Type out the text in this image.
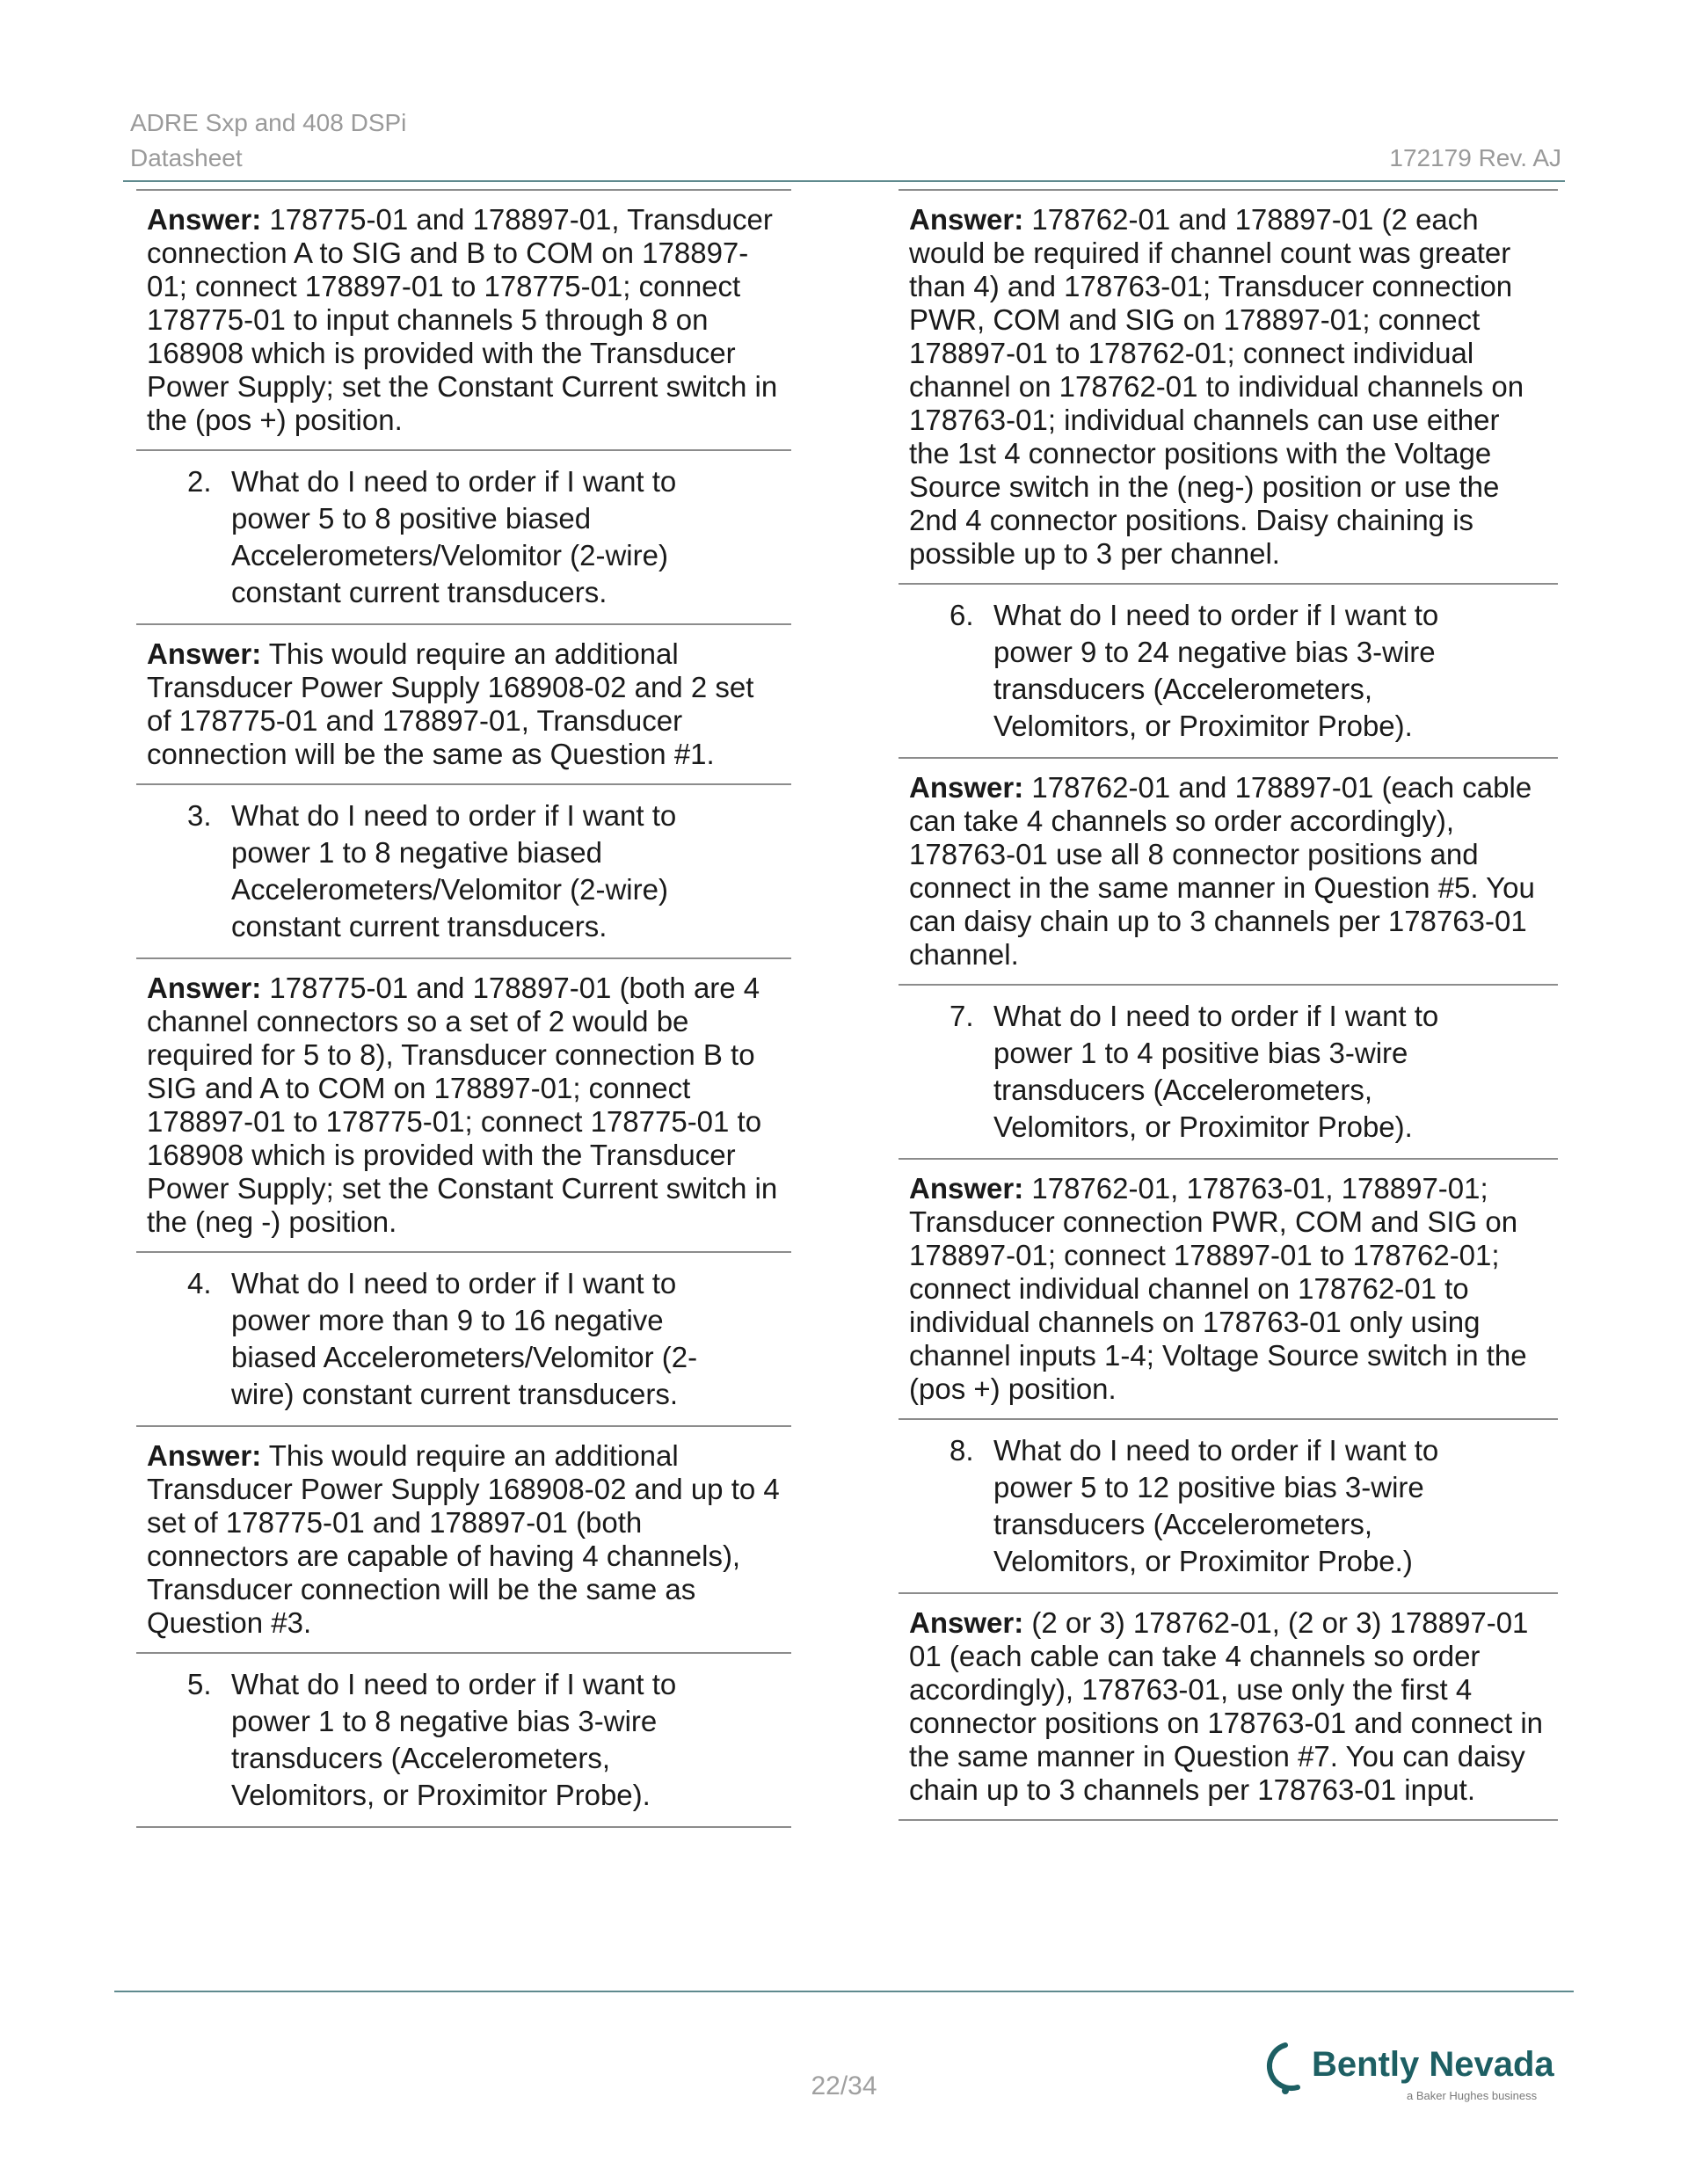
ADRE Sxp and 408 DSPi
Datasheet	172179 Rev. AJ
Answer: 178775-01 and 178897-01, Transducer connection A to SIG and B to COM on 178897-01; connect 178897-01 to 178775-01; connect 178775-01 to input channels 5 through 8 on 168908 which is provided with the Transducer Power Supply; set the Constant Current switch in the (pos +) position.
2. What do I need to order if I want to power 5 to 8 positive biased Accelerometers/Velomitor (2-wire) constant current transducers.
Answer: This would require an additional Transducer Power Supply 168908-02 and 2 set of 178775-01 and 178897-01, Transducer connection will be the same as Question #1.
3. What do I need to order if I want to power 1 to 8 negative biased Accelerometers/Velomitor (2-wire) constant current transducers.
Answer: 178775-01 and 178897-01 (both are 4 channel connectors so a set of 2 would be required for 5 to 8), Transducer connection B to SIG and A to COM on 178897-01; connect 178897-01 to 178775-01; connect 178775-01 to 168908 which is provided with the Transducer Power Supply; set the Constant Current switch in the (neg -) position.
4. What do I need to order if I want to power more than 9 to 16 negative biased Accelerometers/Velomitor (2-wire) constant current transducers.
Answer: This would require an additional Transducer Power Supply 168908-02 and up to 4 set of 178775-01 and 178897-01 (both connectors are capable of having 4 channels), Transducer connection will be the same as Question #3.
5. What do I need to order if I want to power 1 to 8 negative bias 3-wire transducers (Accelerometers, Velomitors, or Proximitor Probe).
Answer: 178762-01 and 178897-01 (2 each would be required if channel count was greater than 4) and 178763-01; Transducer connection PWR, COM and SIG on 178897-01; connect 178897-01 to 178762-01; connect individual channel on 178762-01 to individual channels on 178763-01; individual channels can use either the 1st 4 connector positions with the Voltage Source switch in the (neg-) position or use the 2nd 4 connector positions. Daisy chaining is possible up to 3 per channel.
6. What do I need to order if I want to power 9 to 24 negative bias 3-wire transducers (Accelerometers, Velomitors, or Proximitor Probe).
Answer: 178762-01 and 178897-01 (each cable can take 4 channels so order accordingly), 178763-01 use all 8 connector positions and connect in the same manner in Question #5. You can daisy chain up to 3 channels per 178763-01 channel.
7. What do I need to order if I want to power 1 to 4 positive bias 3-wire transducers (Accelerometers, Velomitors, or Proximitor Probe).
Answer: 178762-01, 178763-01, 178897-01; Transducer connection PWR, COM and SIG on 178897-01; connect 178897-01 to 178762-01; connect individual channel on 178762-01 to individual channels on 178763-01 only using channel inputs 1-4; Voltage Source switch in the (pos +) position.
8. What do I need to order if I want to power 5 to 12 positive bias 3-wire transducers (Accelerometers, Velomitors, or Proximitor Probe.)
Answer: (2 or 3) 178762-01, (2 or 3) 178897-01 01 (each cable can take 4 channels so order accordingly), 178763-01, use only the first 4 connector positions on 178763-01 and connect in the same manner in Question #7. You can daisy chain up to 3 channels per 178763-01 input.
22/34
Bently Nevada
a Baker Hughes business
